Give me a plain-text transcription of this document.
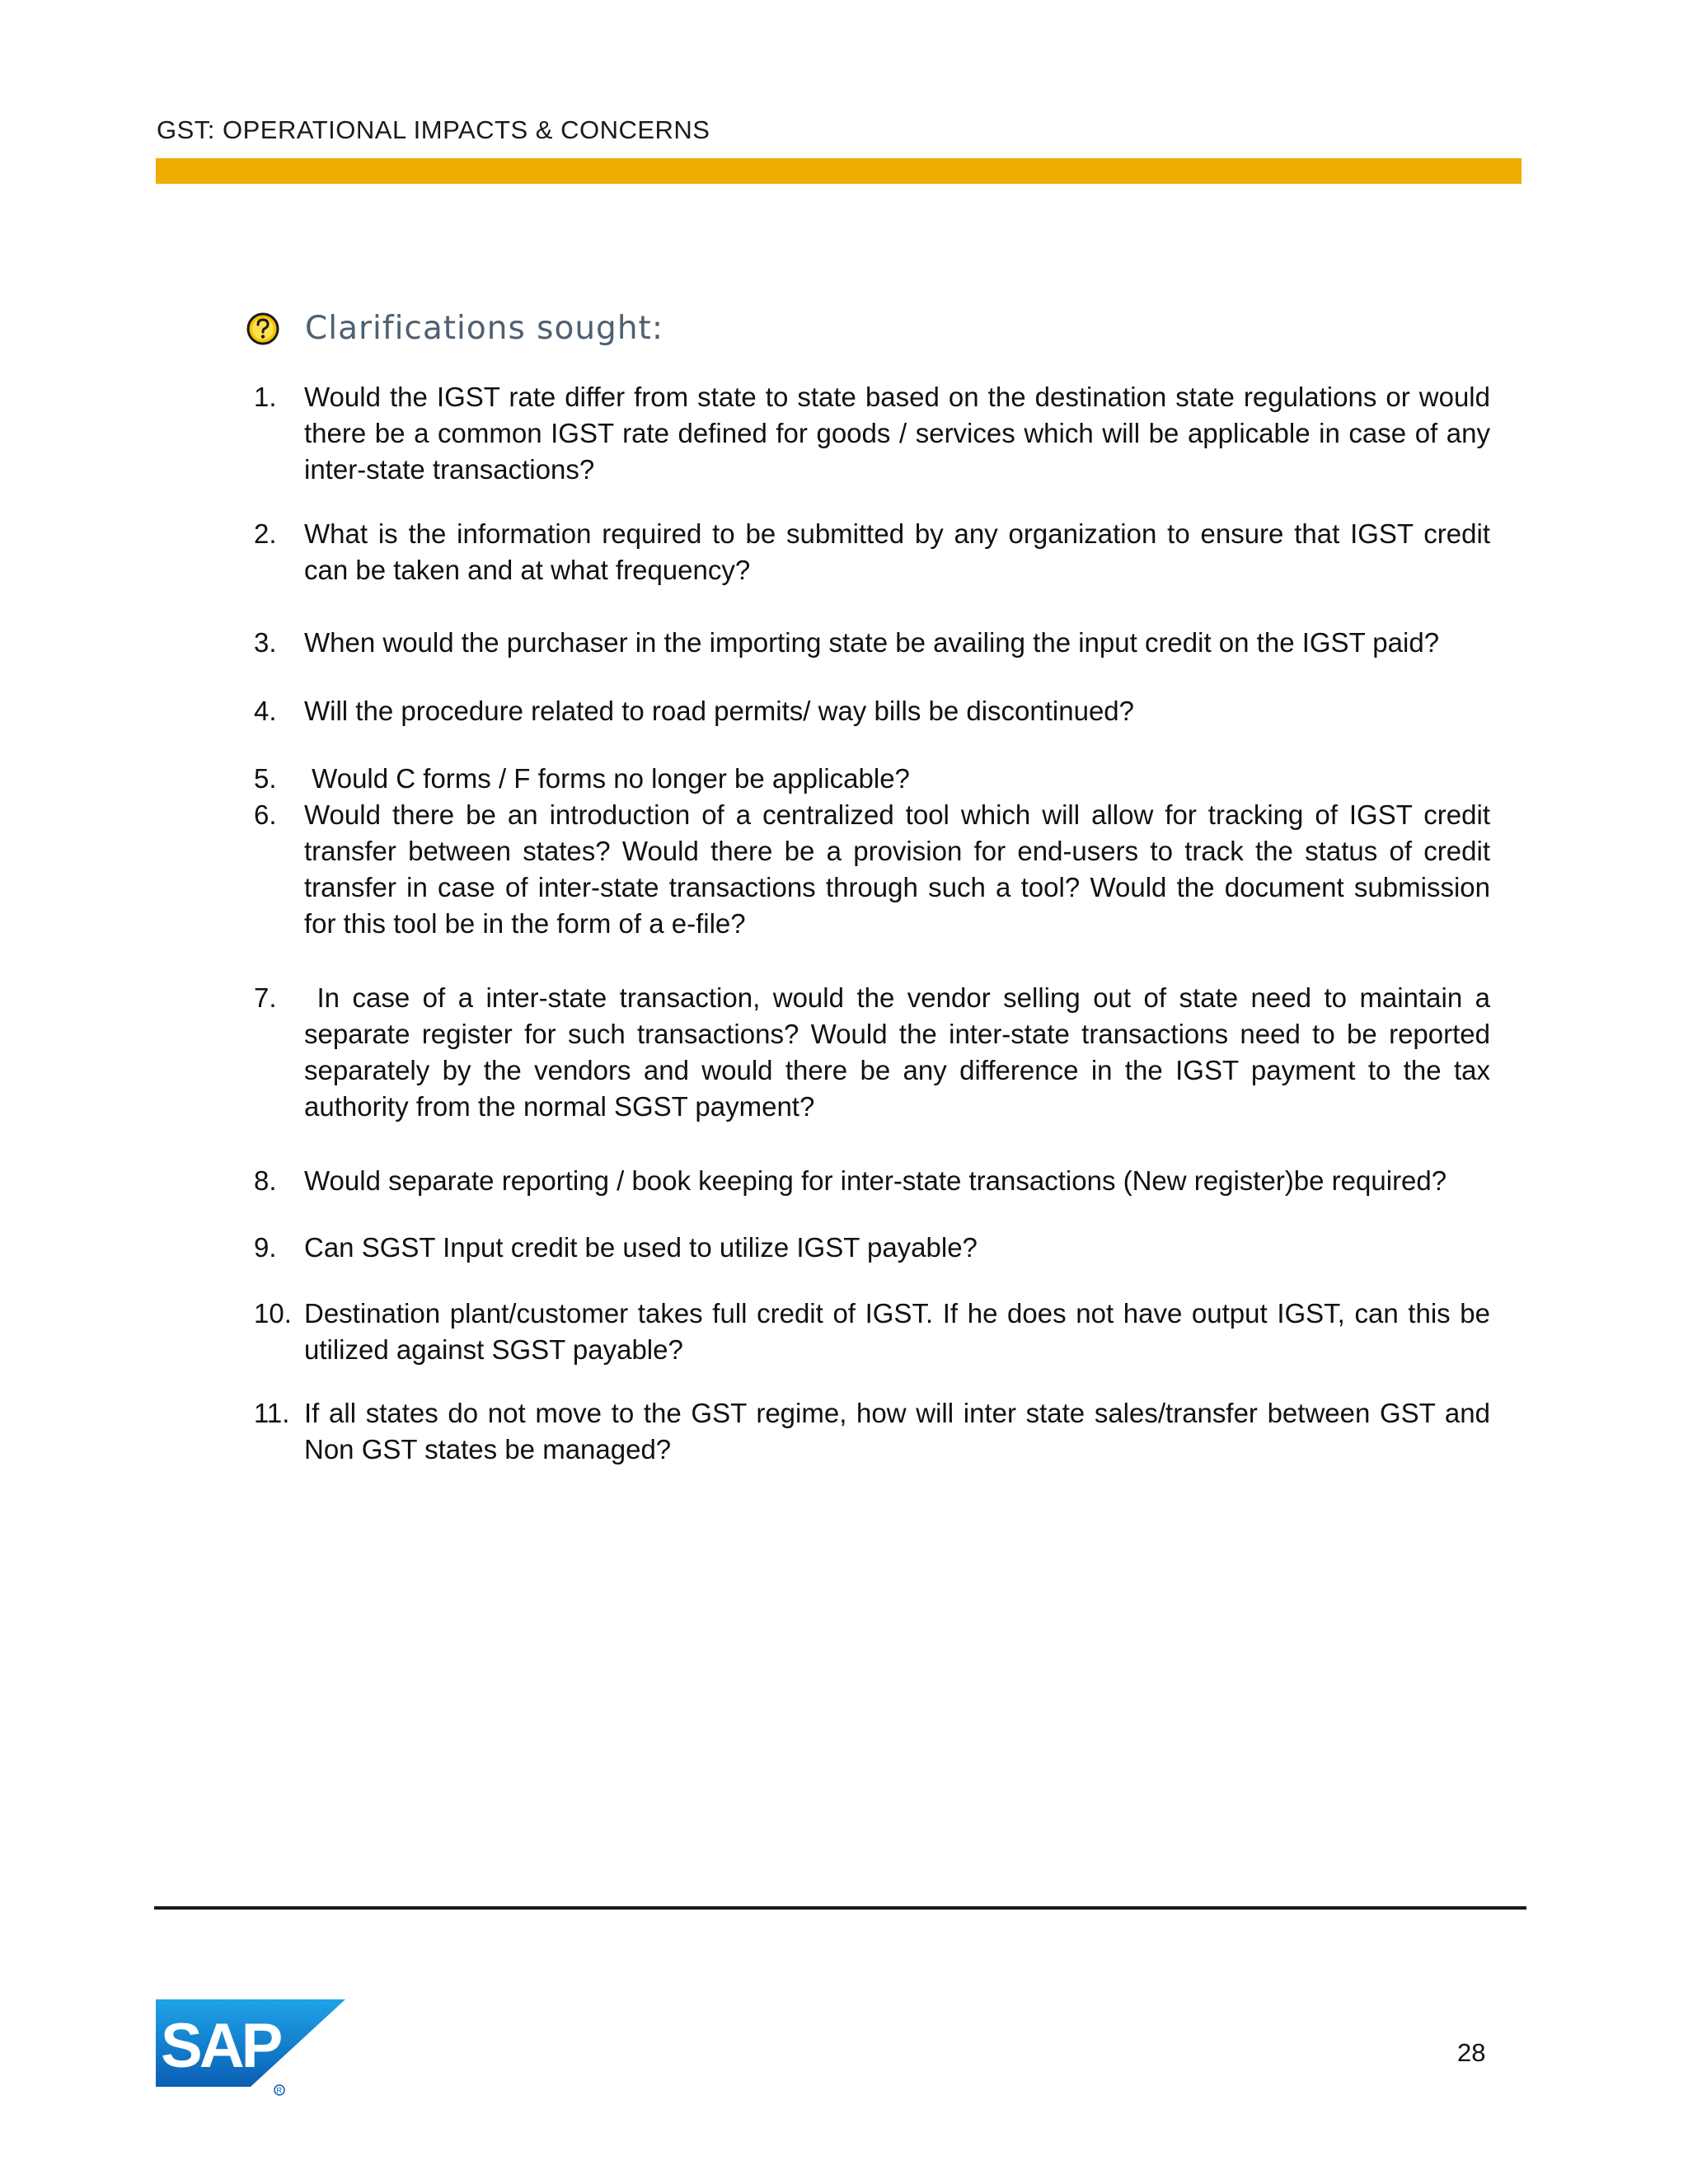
GST: OPERATIONAL IMPACTS & CONCERNS
Clarifications sought:
1.	Would the IGST rate differ from state to state based on the destination state regulations or would there be a common IGST rate defined for goods / services which will be applicable in case of any inter-state transactions?
2.	What is the information required to be submitted by any organization to ensure that IGST credit can be taken and at what frequency?
3.	When would the purchaser in the importing state be availing the input credit on the IGST paid?
4.	Will the procedure related to road permits/ way bills be discontinued?
5.	Would C forms / F forms no longer be applicable?
6.	Would there be an introduction of a centralized tool which will allow for tracking of IGST credit transfer between states? Would there be a provision for end-users to track the status of credit transfer in case of inter-state transactions through such a tool? Would the document submission for this tool be in the form of a e-file?
7.	In case of a inter-state transaction, would the vendor selling out of state need to maintain a separate register for such transactions? Would the inter-state transactions need to be reported separately by the vendors and would there be any difference in the IGST payment to the tax authority from the normal SGST payment?
8.	Would separate reporting / book keeping for inter-state transactions (New register)be required?
9.	Can SGST Input credit be used to utilize IGST payable?
10. Destination plant/customer takes full credit of IGST. If he does not have output IGST, can this be utilized against SGST payable?
11. If all states do not move to the GST regime, how will inter state sales/transfer between GST and Non GST states be managed?
SAP
R
28
